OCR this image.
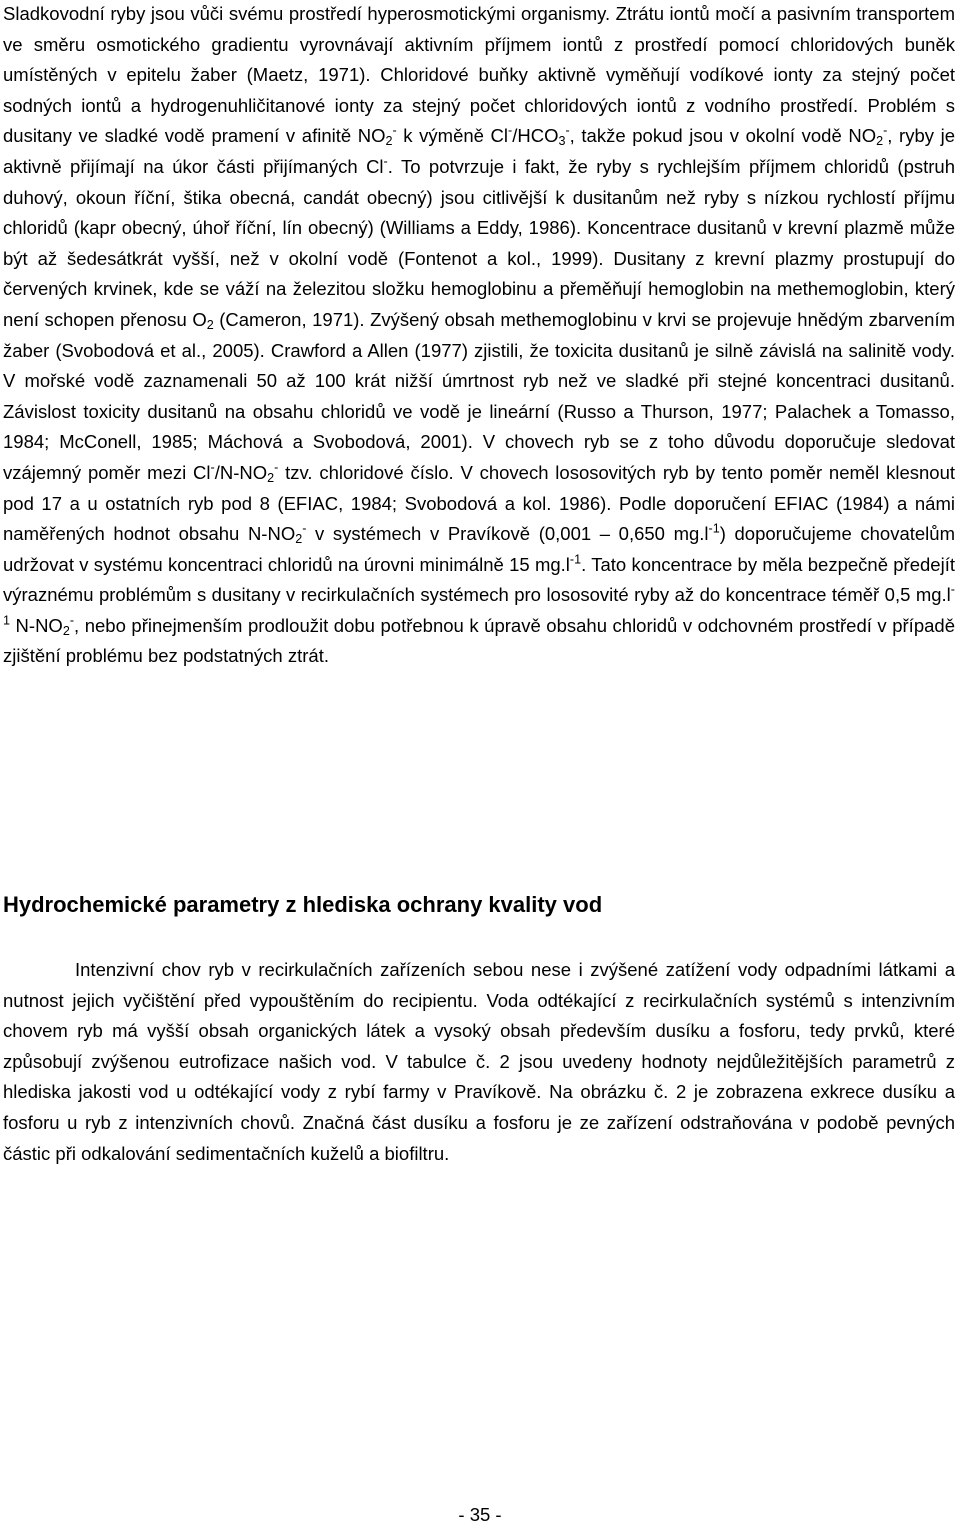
Sladkovodní ryby jsou vůči svému prostředí hyperosmotickými organismy. Ztrátu iontů močí a pasivním transportem ve směru osmotického gradientu vyrovnávají aktivním příjmem iontů z prostředí pomocí chloridových buněk umístěných v epitelu žaber (Maetz, 1971). Chloridové buňky aktivně vyměňují vodíkové ionty za stejný počet sodných iontů a hydrogenuhličitanové ionty za stejný počet chloridových iontů z vodního prostředí. Problém s dusitany ve sladké vodě pramení v afinitě $NO_2^-$ k výměně $Cl^-/HCO_3^-$, takže pokud jsou v okolní vodě $NO_2^-$, ryby je aktivně přijímají na úkor části přijímaných Cl-. To potvrzuje i fakt, že ryby s rychlejším příjmem chloridů (pstruh duhový, okoun říční, štika obecná, candát obecný) jsou citlivější k dusitanům než ryby s nízkou rychlostí příjmu chloridů (kapr obecný, úhoř říční, lín obecný) (Williams a Eddy, 1986). Koncentrace dusitanů v krevní plazmě může být až šedesátkrát vyšší, než v okolní vodě (Fontenot a kol., 1999). Dusitany z krevní plazmy prostupují do červených krvinek, kde se váží na železitou složku hemoglobinu a přeměňují hemoglobin na methemoglobin, který není schopen přenosu $O_2$ (Cameron, 1971). Zvýšený obsah methemoglobinu v krvi se projevuje hnědým zbarvením žaber (Svobodová et al., 2005). Crawford a Allen (1977) zjistili, že toxicita dusitanů je silně závislá na salinitě vody. V mořské vodě zaznamenali 50 až 100 krát nižší úmrtnost ryb než ve sladké při stejné koncentraci dusitanů. Závislost toxicity dusitanů na obsahu chloridů ve vodě je lineární (Russo a Thurson, 1977; Palachek a Tomasso, 1984; McConell, 1985; Máchová a Svobodová, 2001). V chovech ryb se z toho důvodu doporučuje sledovat vzájemný poměr mezi $Cl^-/N-NO_2^-$ tzv. chloridové číslo. V chovech lososovitých ryb by tento poměr neměl klesnout pod 17 a u ostatních ryb pod 8 (EFIAC, 1984; Svobodová a kol. 1986). Podle doporučení EFIAC (1984) a námi naměřených hodnot obsahu $N-NO_2^-$ v systémech v Pravíkově (0,001 – 0,650 $mg.l^{-1}$) doporučujeme chovatelům udržovat v systému koncentraci chloridů na úrovni minimálně 15 $mg.l^{-1}$. Tato koncentrace by měla bezpečně předejít výraznému problémům s dusitany v recirkulačních systémech pro lososovité ryby až do koncentrace téměř 0,5 $mg.l^{-1}$ $N-NO_2^-$, nebo přinejmenším prodloužit dobu potřebnou k úpravě obsahu chloridů v odchovném prostředí v případě zjištění problému bez podstatných ztrát.

Hydrochemické parametry z hlediska ochrany kvality vod

Intenzivní chov ryb v recirkulačních zařízeních sebou nese i zvýšené zatížení vody odpadními látkami a nutnost jejich vyčištění před vypouštěním do recipientu. Voda odtékající z recirkulačních systémů s intenzivním chovem ryb má vyšší obsah organických látek a vysoký obsah především dusíku a fosforu, tedy prvků, které způsobují zvýšenou eutrofizace našich vod. V tabulce č. 2 jsou uvedeny hodnoty nejdůležitějších parametrů z hlediska jakosti vod u odtékající vody z rybí farmy v Pravíkově. Na obrázku č. 2 je zobrazena exkrece dusíku a fosforu u ryb z intenzivních chovů. Značná část dusíku a fosforu je ze zařízení odstraňována v podobě pevných částic při odkalování sedimentačních kuželů a biofiltru.

- 35 -
